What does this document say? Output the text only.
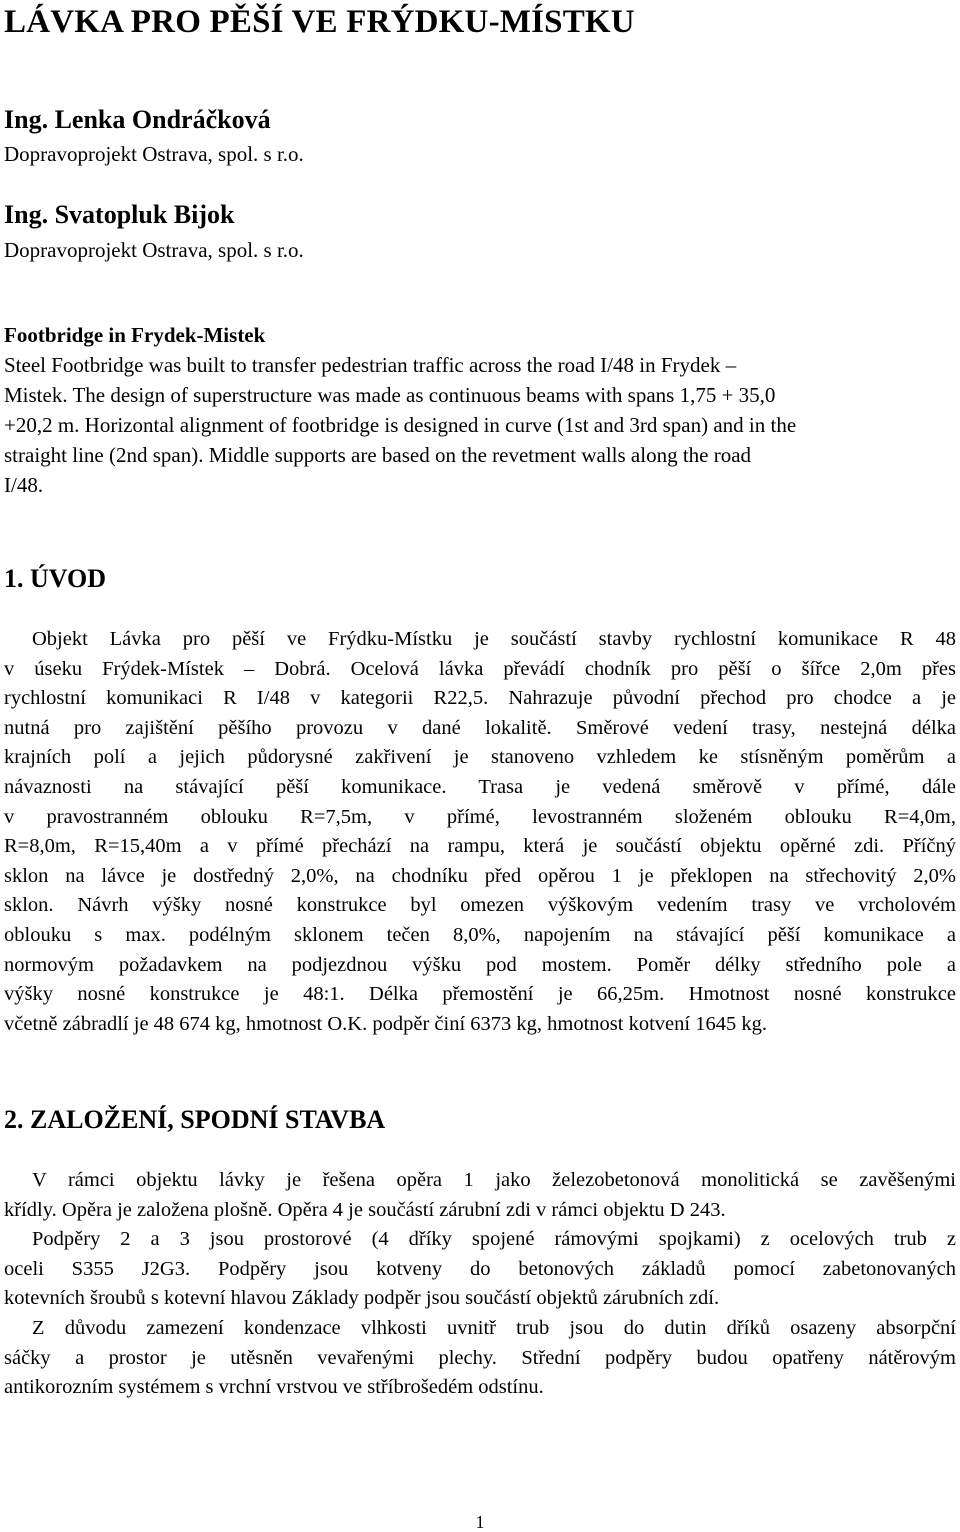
LÁVKA PRO PĚŠÍ VE FRÝDKU-MÍSTKU
Ing. Lenka Ondráčková
Dopravoprojekt Ostrava, spol. s r.o.
Ing. Svatopluk Bijok
Dopravoprojekt Ostrava, spol. s r.o.
Footbridge in Frydek-Mistek
Steel Footbridge was built to transfer pedestrian traffic across the road I/48 in Frydek –
Mistek. The design of superstructure was made as continuous beams with spans 1,75 + 35,0
+20,2 m. Horizontal alignment of footbridge is designed in curve (1st and 3rd span) and in the
straight line (2nd span). Middle supports are based on the revetment walls along the road
I/48.
1. ÚVOD
Objekt Lávka pro pěší ve Frýdku-Místku je součástí stavby rychlostní komunikace R 48
v úseku Frýdek-Místek – Dobrá. Ocelová lávka převádí chodník pro pěší o šířce 2,0m přes
rychlostní komunikaci R I/48 v kategorii R22,5. Nahrazuje původní přechod pro chodce a je
nutná pro zajištění pěšího provozu v dané lokalitě. Směrové vedení trasy, nestejná délka
krajních polí a jejich půdorysné zakřivení je stanoveno vzhledem ke stísněným poměrům a
návaznosti na stávající pěší komunikace. Trasa je vedená směrově v přímé, dále
v pravostranném oblouku R=7,5m, v přímé, levostranném složeném oblouku R=4,0m,
R=8,0m, R=15,40m a v přímé přechází na rampu, která je součástí objektu opěrné zdi. Příčný
sklon na lávce je dostředný 2,0%, na chodníku před opěrou 1 je překlopen na střechovitý 2,0%
sklon. Návrh výšky nosné konstrukce byl omezen výškovým vedením trasy ve vrcholovém
oblouku s max. podélným sklonem tečen 8,0%, napojením na stávající pěší komunikace a
normovým požadavkem na podjezdnou výšku pod mostem. Poměr délky středního pole a
výšky nosné konstrukce je 48:1. Délka přemostění je 66,25m. Hmotnost nosné konstrukce
včetně zábradlí je 48 674 kg, hmotnost O.K. podpěr činí 6373 kg, hmotnost kotvení 1645 kg.
2. ZALOŽENÍ, SPODNÍ STAVBA
V rámci objektu lávky je řešena opěra 1 jako železobetonová monolitická se zavěšenými
křídly. Opěra je založena plošně. Opěra 4 je součástí zárubní zdi v rámci objektu D 243.
Podpěry 2 a 3 jsou prostorové (4 dříky spojené rámovými spojkami) z ocelových trub z
oceli S355 J2G3. Podpěry jsou kotveny do betonových základů pomocí zabetonovaných
kotevních šroubů s kotevní hlavou Základy podpěr jsou součástí objektů zárubních zdí.
Z důvodu zamezení kondenzace vlhkosti uvnitř trub jsou do dutin dříků osazeny absorpční
sáčky a prostor je utěsněn vevařenými plechy. Střední podpěry budou opatřeny nátěrovým
antikorozním systémem s vrchní vrstvou ve stříbrošedém odstínu.
1
